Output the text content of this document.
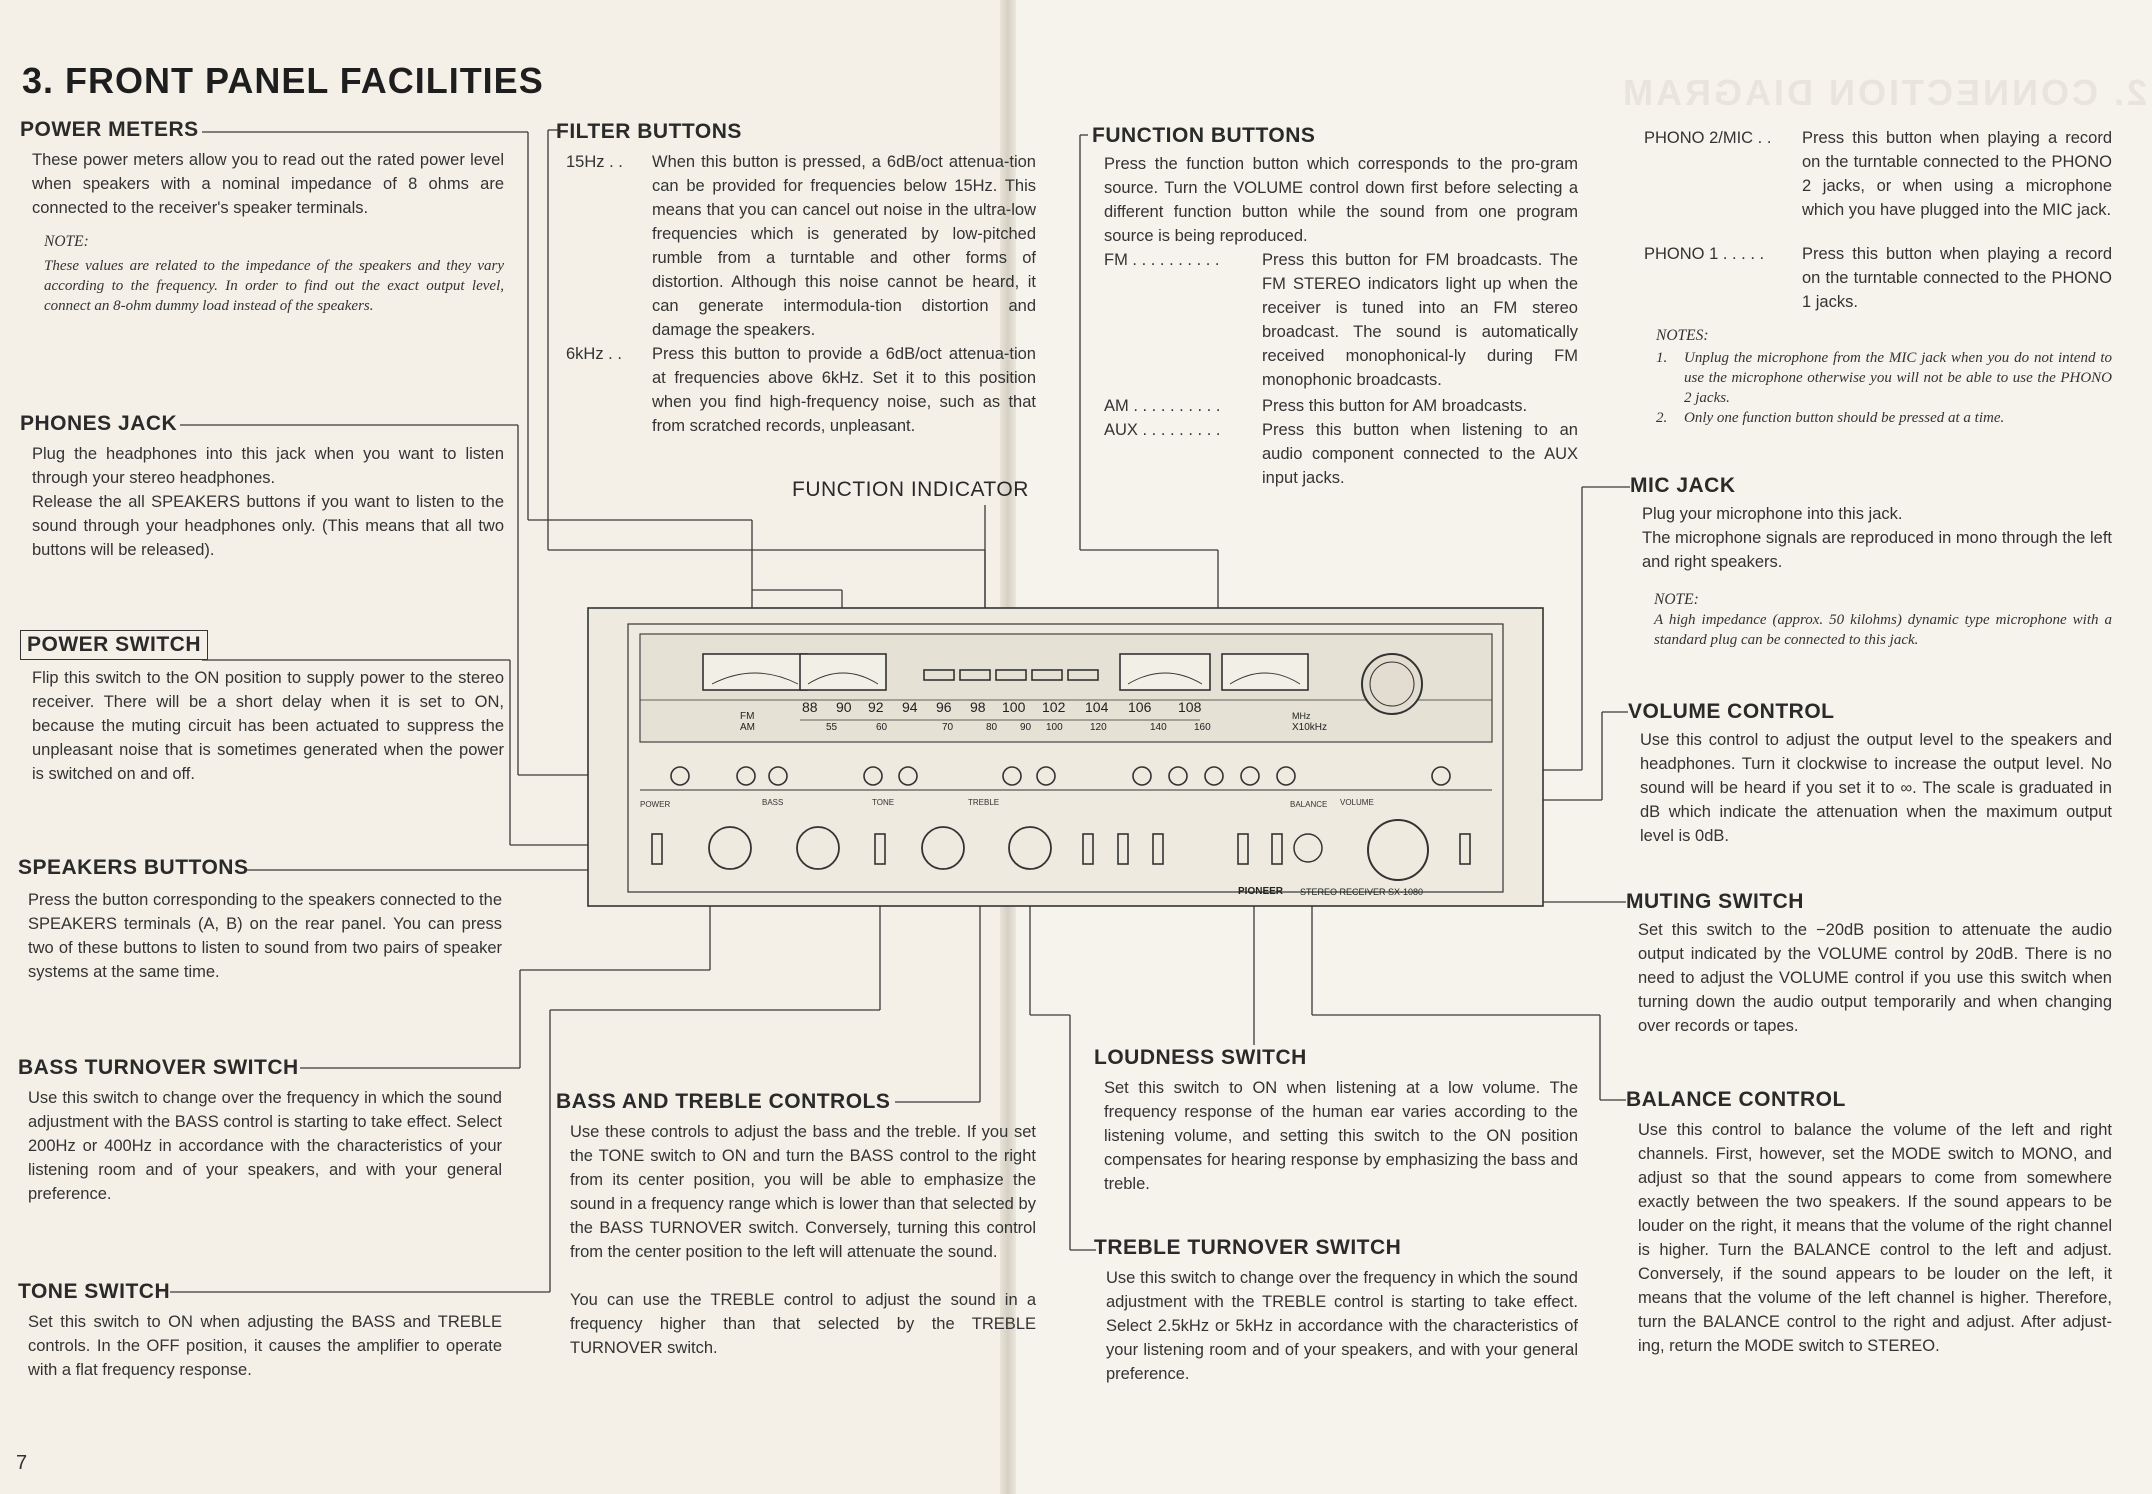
2. CONNECTION DIAGRAM
FM
88 90 92 94 96 98 100 102 104 106 108
MHz
AM	55	60	70	80 90 100	120	140	160	X10kHz
POWER	BASS	TONE	TREBLE	BALANCE VOLUME
PIONEER STEREO RECEIVER SX-1080
3. FRONT PANEL FACILITIES
POWER METERS

These power meters allow you to read out the rated power level when speakers with a nominal impedance of 8 ohms are connected to the receiver's speaker terminals.

NOTE:

These values are related to the impedance of the speakers and they vary according to the frequency. In order to find out the exact output level, connect an 8-ohm dummy load instead of the speakers.

PHONES JACK

Plug the headphones into this jack when you want to listen through your stereo headphones.

Release the all SPEAKERS buttons if you want to listen to the sound through your headphones only. (This means that all two buttons will be released).

POWER SWITCH

Flip this switch to the ON position to supply power to the stereo receiver. There will be a short delay when it is set to ON, because the muting circuit has been actuated to suppress the unpleasant noise that is sometimes generated when the power is switched on and off.

SPEAKERS BUTTONS

Press the button corresponding to the speakers connected to the SPEAKERS terminals (A, B) on the rear panel. You can press two of these buttons to listen to sound from two pairs of speaker systems at the same time.

BASS TURNOVER SWITCH

Use this switch to change over the frequency in which the sound adjustment with the BASS control is starting to take effect. Select 200Hz or 400Hz in accordance with the characteristics of your listening room and of your speakers, and with your general preference.

TONE SWITCH

Set this switch to ON when adjusting the BASS and TREBLE controls. In the OFF position, it causes the amplifier to operate with a flat frequency response.

FILTER BUTTONS
15Hz . . When this button is pressed, a 6dB/oct attenua-tion can be provided for frequencies below 15Hz. This means that you can cancel out noise in the ultra-low frequencies which is generated by low-pitched rumble from a turntable and other forms of distortion. Although this noise cannot be heard, it can generate intermodula-tion distortion and damage the speakers.
6kHz . . Press this button to provide a 6dB/oct attenua-tion at frequencies above 6kHz. Set it to this position when you find high-frequency noise, such as that from scratched records, unpleasant.
FUNCTION INDICATOR
BASS AND TREBLE CONTROLS

Use these controls to adjust the bass and the treble. If you set the TONE switch to ON and turn the BASS control to the right from its center position, you will be able to emphasize the sound in a frequency range which is lower than that selected by the BASS TURNOVER switch. Conversely, turning this control from the center position to the left will attenuate the sound.

You can use the TREBLE control to adjust the sound in a frequency higher than that selected by the TREBLE TURNOVER switch.

FUNCTION BUTTONS

Press the function button which corresponds to the pro-gram source. Turn the VOLUME control down first before selecting a different function button while the sound from one program source is being reproduced.

FM . . . . . . . . . .	Press this button for FM broadcasts. The FM STEREO indicators light up when the receiver is tuned into an FM stereo broadcast. The sound is automatically received monophonical-ly during FM monophonic broadcasts.
AM . . . . . . . . . .	Press this button for AM broadcasts.
AUX . . . . . . . . .	Press this button when listening to an audio component connected to the AUX input jacks.
LOUDNESS SWITCH

Set this switch to ON when listening at a low volume. The frequency response of the human ear varies according to the listening volume, and setting this switch to the ON position compensates for hearing response by emphasizing the bass and treble.

TREBLE TURNOVER SWITCH

Use this switch to change over the frequency in which the sound adjustment with the TREBLE control is starting to take effect. Select 2.5kHz or 5kHz in accordance with the characteristics of your listening room and of your speakers, and with your general preference.

PHONO 2/MIC . . Press this button when playing a record on the turntable connected to the PHONO 2 jacks, or when using a microphone which you have plugged into the MIC jack.
PHONO 1 . . . . . Press this button when playing a record on the turntable connected to the PHONO 1 jacks.

NOTES:

1. Unplug the microphone from the MIC jack when you do not intend to use the microphone otherwise you will not be able to use the PHONO 2 jacks.
2. Only one function button should be pressed at a time.
MIC JACK

Plug your microphone into this jack.

The microphone signals are reproduced in mono through the left and right speakers.

NOTE:

A high impedance (approx. 50 kilohms) dynamic type microphone with a standard plug can be connected to this jack.

VOLUME CONTROL

Use this control to adjust the output level to the speakers and headphones. Turn it clockwise to increase the output level. No sound will be heard if you set it to ∞. The scale is graduated in dB which indicate the attenuation when the maximum output level is 0dB.

MUTING SWITCH

Set this switch to the −20dB position to attenuate the audio output indicated by the VOLUME control by 20dB. There is no need to adjust the VOLUME control if you use this switch when turning down the audio output temporarily and when changing over records or tapes.

BALANCE CONTROL

Use this control to balance the volume of the left and right channels. First, however, set the MODE switch to MONO, and adjust so that the sound appears to come from somewhere exactly between the two speakers. If the sound appears to be louder on the right, it means that the volume of the right channel is higher. Turn the BALANCE control to the left and adjust. Conversely, if the sound appears to be louder on the left, it means that the volume of the left channel is higher. Therefore, turn the BALANCE control to the right and adjust. After adjust-ing, return the MODE switch to STEREO.

7
